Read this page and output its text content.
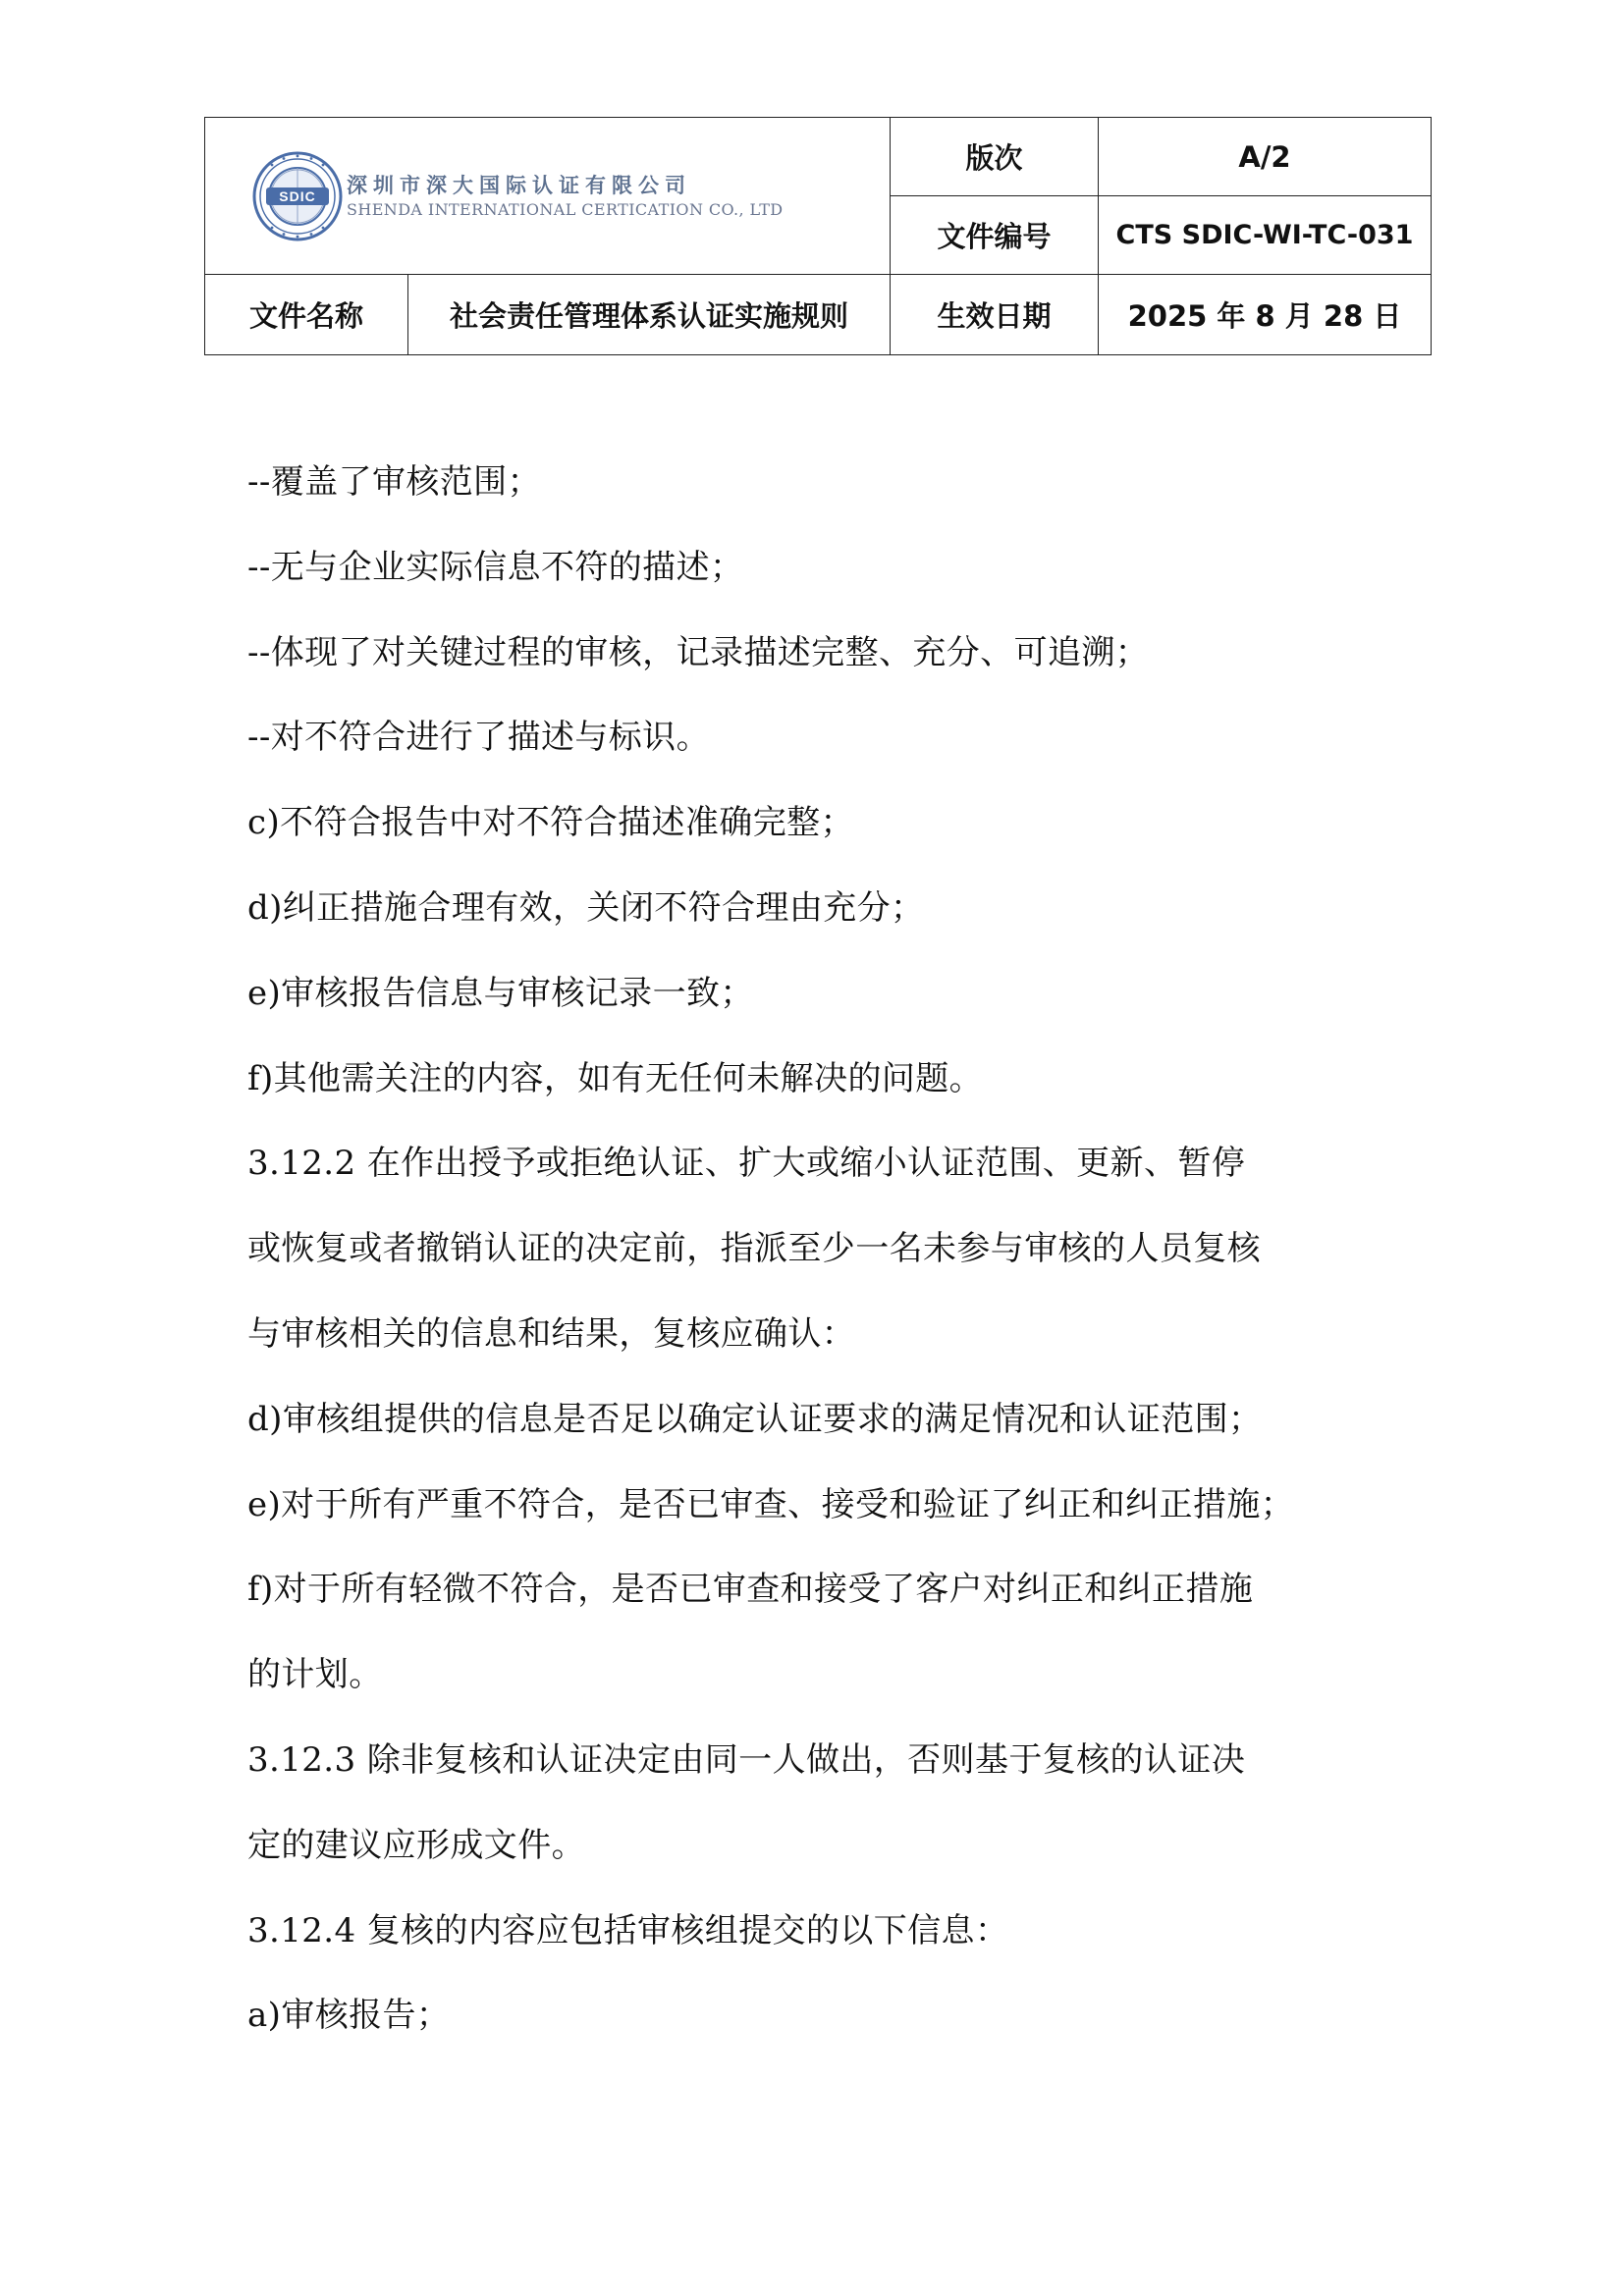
SDIC 深圳市深大国际认证有限公司
SHENDA INTERNATIONAL CERTICATION CO., LTD		版次	A/2
		文件编号	CTS SDIC-WI-TC-031
文件名称	社会责任管理体系认证实施规则	生效日期	2025 年 8 月 28 日
--覆盖了审核范围；
--无与企业实际信息不符的描述；
--体现了对关键过程的审核，记录描述完整、充分、可追溯；
--对不符合进行了描述与标识。
c)不符合报告中对不符合描述准确完整；
d)纠正措施合理有效，关闭不符合理由充分；
e)审核报告信息与审核记录一致；
f)其他需关注的内容，如有无任何未解决的问题。
3.12.2 在作出授予或拒绝认证、扩大或缩小认证范围、更新、暂停
或恢复或者撤销认证的决定前，指派至少一名未参与审核的人员复核
与审核相关的信息和结果，复核应确认：
d)审核组提供的信息是否足以确定认证要求的满足情况和认证范围；
e)对于所有严重不符合，是否已审查、接受和验证了纠正和纠正措施；
f)对于所有轻微不符合，是否已审查和接受了客户对纠正和纠正措施
的计划。
3.12.3 除非复核和认证决定由同一人做出，否则基于复核的认证决
定的建议应形成文件。
3.12.4 复核的内容应包括审核组提交的以下信息：
a)审核报告；
